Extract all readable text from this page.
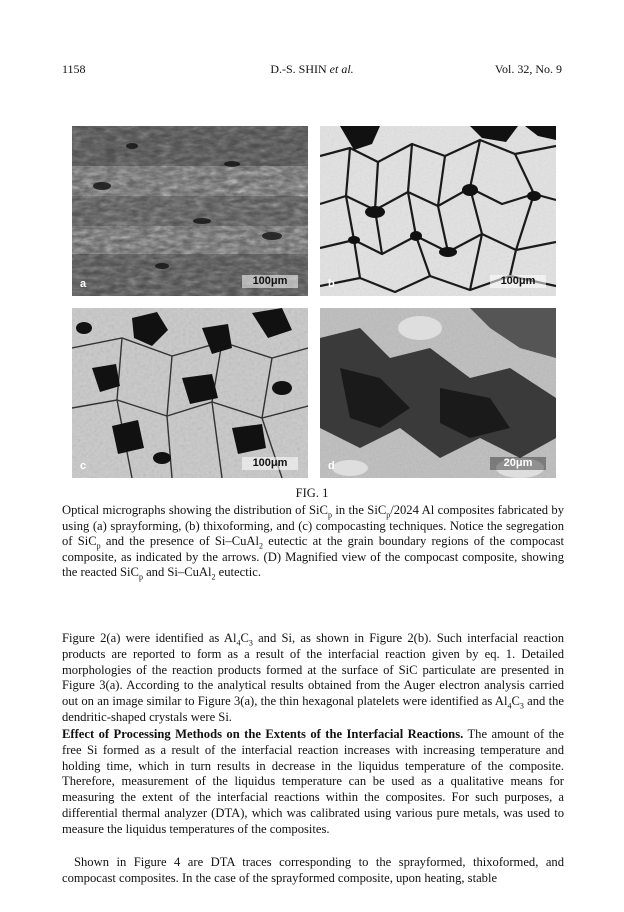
1158	D.-S. SHIN et al.	Vol. 32, No. 9
a	100μm	b	100μm
c	100μm	d	20μm
FIG. 1
Optical micrographs showing the distribution of SiC$_p$ in the SiC$_p$/2024 Al composites fabricated by using (a) sprayforming, (b) thixoforming, and (c) compocasting techniques. Notice the segregation of SiC$_p$ and the presence of Si–CuAl$_2$ eutectic at the grain boundary regions of the compocast composite, as indicated by the arrows. (D) Magnified view of the compocast composite, showing the reacted SiC$_p$ and Si–CuAl$_2$ eutectic.
Figure 2(a) were identified as $Al_4C_3$ and Si, as shown in Figure 2(b). Such interfacial reaction products are reported to form as a result of the interfacial reaction given by eq. 1. Detailed morphologies of the reaction products formed at the surface of SiC particulate are presented in Figure 3(a). According to the analytical results obtained from the Auger electron analysis carried out on an image similar to Figure 3(a), the thin hexagonal platelets were identified as $Al_4C_3$ and the dendritic-shaped crystals were Si.
Effect of Processing Methods on the Extents of the Interfacial Reactions. The amount of the free Si formed as a result of the interfacial reaction increases with increasing temperature and holding time, which in turn results in decrease in the liquidus temperature of the composite. Therefore, measurement of the liquidus temperature can be used as a qualitative means for measuring the extent of the interfacial reactions within the composites. For such purposes, a differential thermal analyzer (DTA), which was calibrated using various pure metals, was used to measure the liquidus temperatures of the composites.
Shown in Figure 4 are DTA traces corresponding to the sprayformed, thixoformed, and compocast composites. In the case of the sprayformed composite, upon heating, stable
